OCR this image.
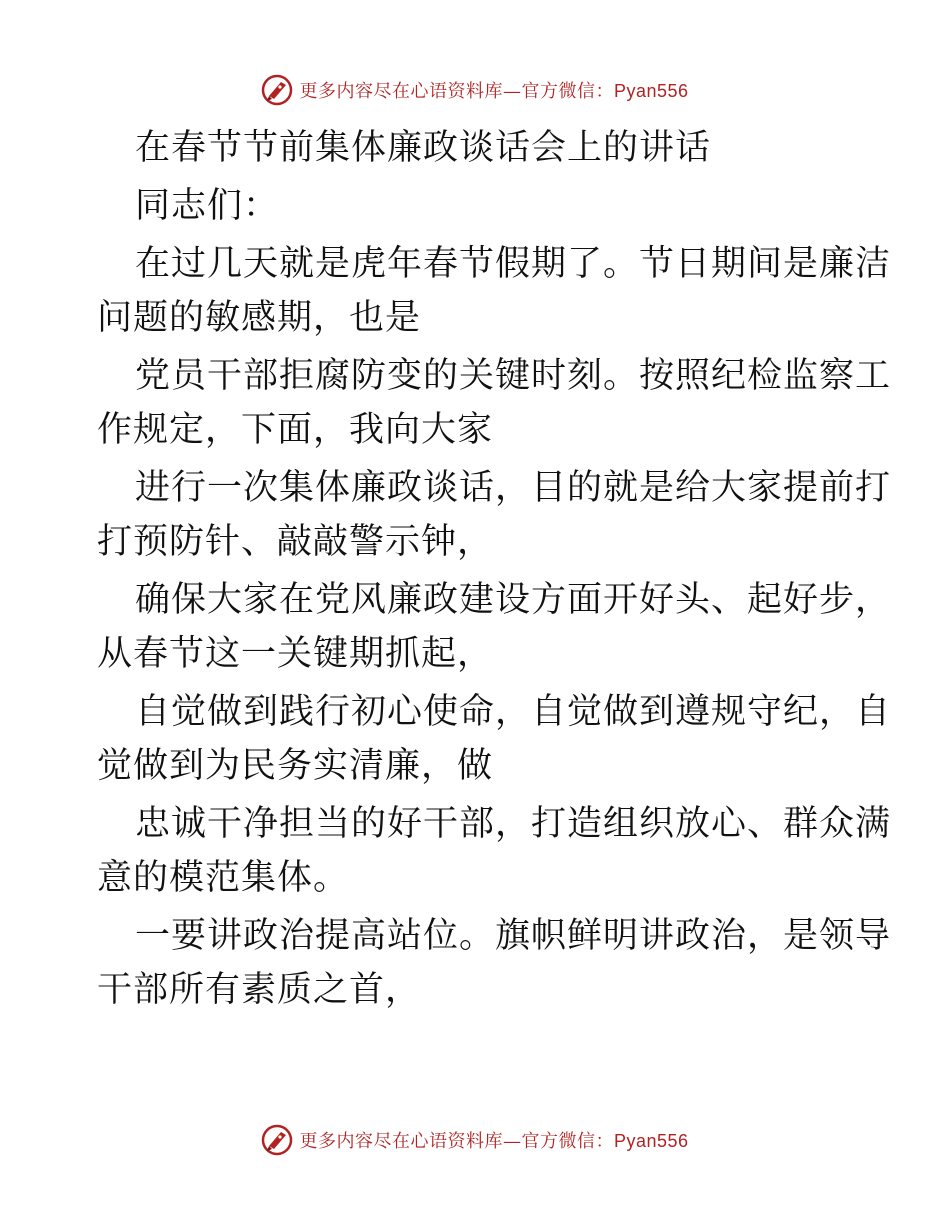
更多内容尽在心语资料库—官方微信：Pyan556
在春节节前集体廉政谈话会上的讲话
同志们：
在过几天就是虎年春节假期了。节日期间是廉洁
问题的敏感期，也是
党员干部拒腐防变的关键时刻。按照纪检监察工
作规定，下面，我向大家
进行一次集体廉政谈话，目的就是给大家提前打
打预防针、敲敲警示钟，
确保大家在党风廉政建设方面开好头、起好步，
从春节这一关键期抓起，
自觉做到践行初心使命，自觉做到遵规守纪，自
觉做到为民务实清廉，做
忠诚干净担当的好干部，打造组织放心、群众满
意的模范集体。
一要讲政治提高站位。旗帜鲜明讲政治，是领导
干部所有素质之首，
更多内容尽在心语资料库—官方微信：Pyan556
